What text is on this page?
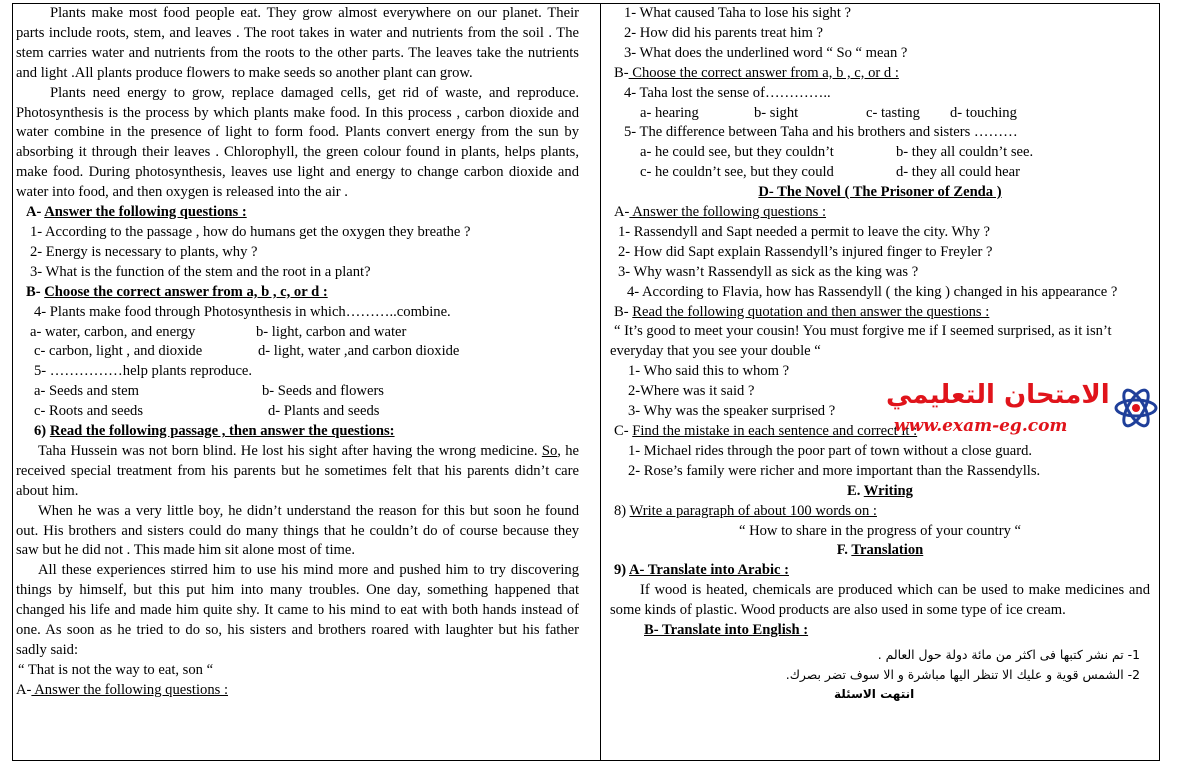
Plants make most food people eat. They grow almost everywhere on our planet. Their parts include roots, stem, and leaves . The root takes in water and nutrients from the soil . The stem carries water and nutrients from the roots to the other parts. The leaves take the nutrients and light .All plants produce flowers to make seeds so another plant can grow.

Plants need energy to grow, replace damaged cells, get rid of waste, and reproduce. Photosynthesis is the process by which plants make food. In this process , carbon dioxide and water combine in the presence of light to form food. Plants convert energy from the sun by absorbing it through their leaves . Chlorophyll, the green colour found in plants, helps plants, make food. During photosynthesis, leaves use light and energy to change carbon dioxide and water into food, and then oxygen is released into the air .

A- Answer the following questions :

1- According to the passage , how do humans get the oxygen they breathe ?

2- Energy is necessary to plants, why ?

3- What is the function of the stem and the root in a plant?

B- Choose the correct answer from a, b , c, or d :

4- Plants make food through Photosynthesis in which………..combine.

a- water, carbon, and energy	b- light, carbon and water
c- carbon, light , and dioxide	d- light, water ,and carbon dioxide

5- ……………help plants reproduce.

a- Seeds and stem	b- Seeds and flowers
c- Roots and seeds	d- Plants and seeds

6) Read the following passage , then answer the questions:

Taha Hussein was not born blind. He lost his sight after having the wrong medicine. So, he received special treatment from his parents but he sometimes felt that his parents didn’t care about him.

When he was a very little boy, he didn’t understand the reason for this but soon he found out. His brothers and sisters could do many things that he couldn’t do of course because they saw but he did not . This made him sit alone most of time.

All these experiences stirred him to use his mind more and pushed him to try discovering things by himself, but this put him into many troubles. One day, something happened that changed his life and made him quite shy. It came to his mind to eat with both hands instead of one. As soon as he tried to do so, his sisters and brothers roared with laughter but his father sadly said:

“ That is not the way to eat, son “

A- Answer the following questions :

1- What caused Taha to lose his sight ?

2- How did his parents treat him ?

3- What does the underlined word “ So “ mean ?

B- Choose the correct answer from a, b , c, or d :

4- Taha lost the sense of…………..

a- hearing	b- sight	c- tasting d- touching

5- The difference between Taha and his brothers and sisters ………

a- he could see, but they couldn’t	b- they all couldn’t see.
c- he couldn’t see, but they could	d- they all could hear

D- The Novel ( The Prisoner of Zenda )

A- Answer the following questions :

1- Rassendyll and Sapt needed a permit to leave the city. Why ?

2- How did Sapt explain Rassendyll’s injured finger to Freyler ?

3- Why wasn’t Rassendyll as sick as the king was ?

4- According to Flavia, how has Rassendyll ( the king ) changed in his appearance ?

B- Read the following quotation and then answer the questions :

“ It’s good to meet your cousin! You must forgive me if I seemed surprised, as it isn’t everyday that you see your double “

1- Who said this to whom ?

2-Where was it said ?

3- Why was the speaker surprised ?

C- Find the mistake in each sentence and correct it :

1- Michael rides through the poor part of town without a close guard.

2- Rose’s family were richer and more important than the Rassendylls.

E. Writing

8) Write a paragraph of about 100 words on :

“ How to share in the progress of your country “

F. Translation

9) A- Translate into Arabic :

If wood is heated, chemicals are produced which can be used to make medicines and some kinds of plastic. Wood products are also used in some type of ice cream.

B- Translate into English :

1- تم نشر كتبها فى اكثر من مائة دولة حول العالم .
2- الشمس قوية و عليك الا تنظر اليها مباشرة و الا سوف تضر بصرك.
انتهت الاسئلة
الامتحان التعليمي
www.exam-eg.com
